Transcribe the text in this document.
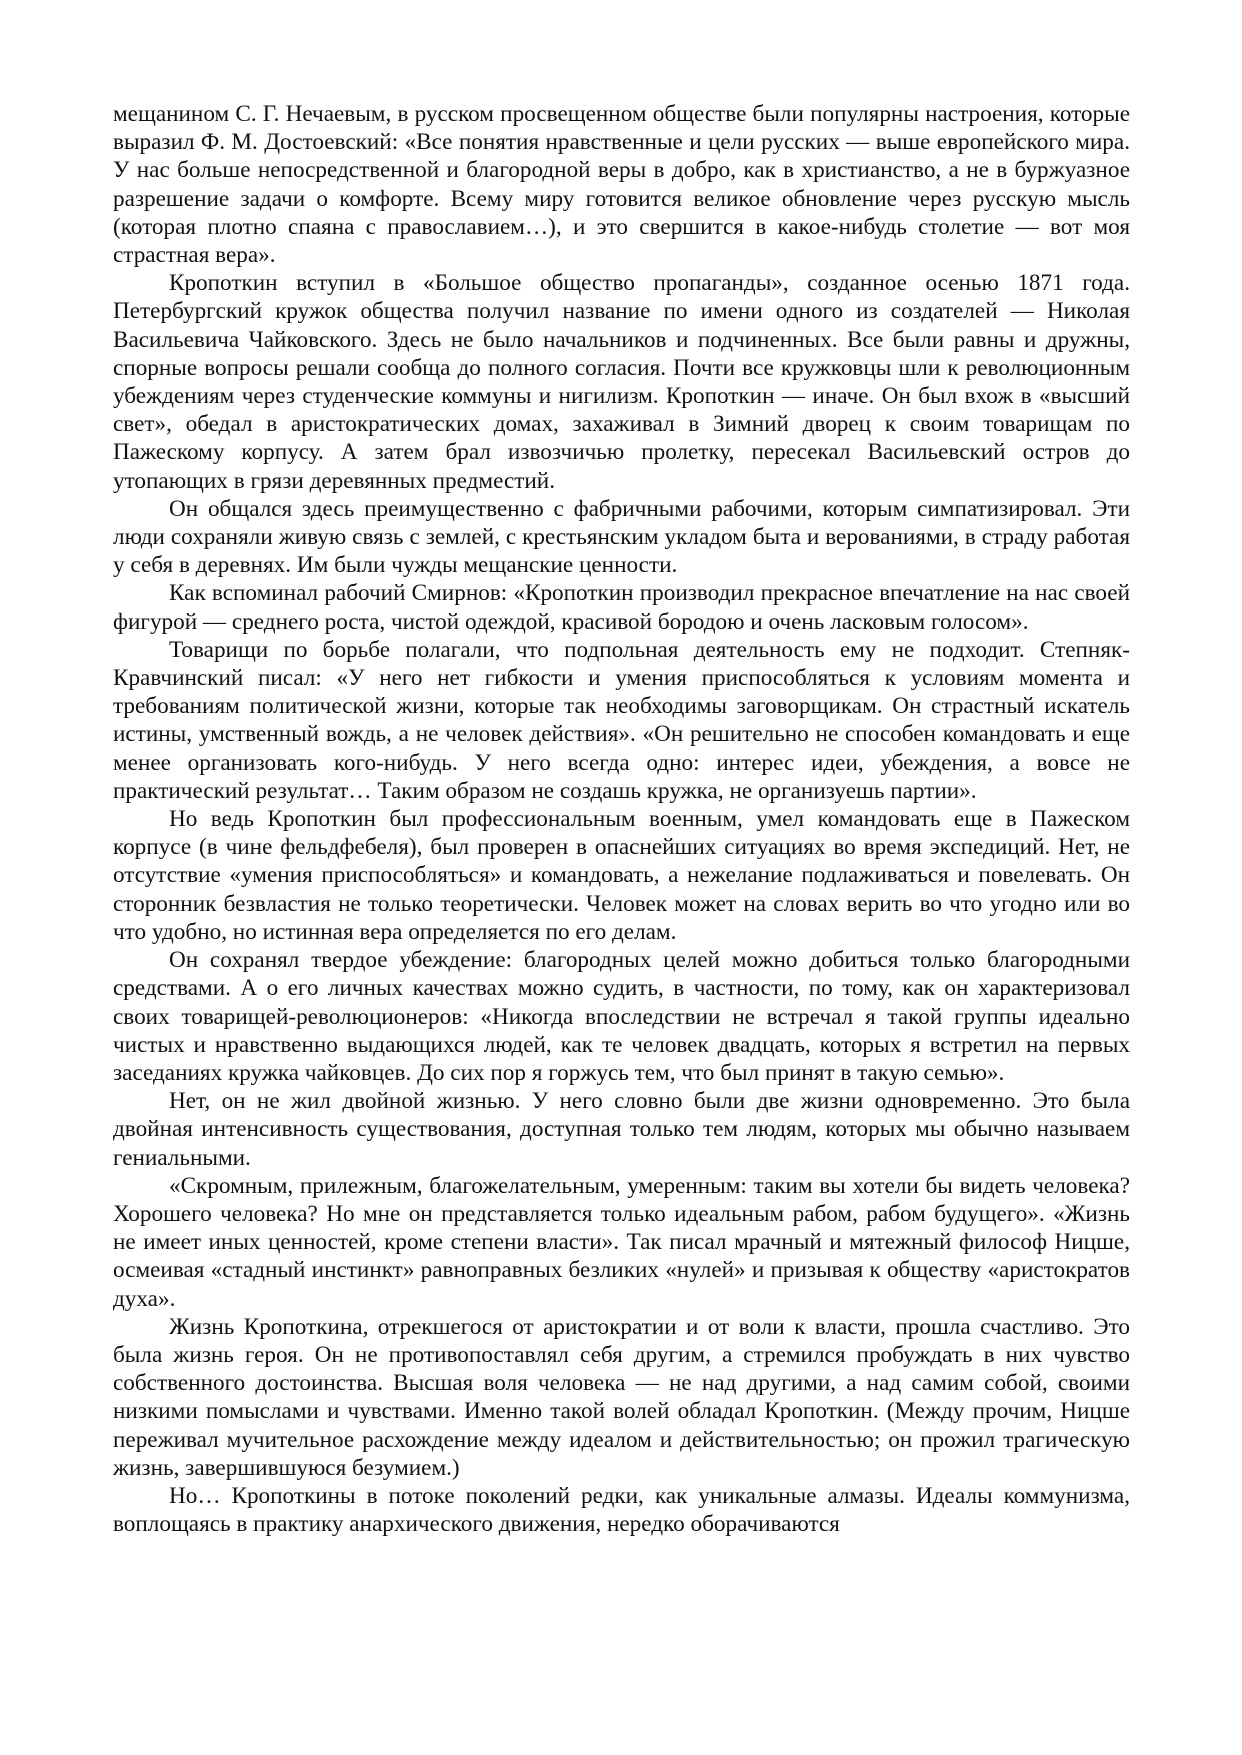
мещанином С. Г. Нечаевым, в русском просвещенном обществе были популярны настроения, которые выразил Ф. М. Достоевский: «Все понятия нравственные и цели русских — выше европейского мира. У нас больше непосредственной и благородной веры в добро, как в христианство, а не в буржуазное разрешение задачи о комфорте. Всему миру готовится великое обновление через русскую мысль (которая плотно спаяна с православием…), и это свершится в какое-нибудь столетие — вот моя страстная вера».

Кропоткин вступил в «Большое общество пропаганды», созданное осенью 1871 года. Петербургский кружок общества получил название по имени одного из создателей — Николая Васильевича Чайковского. Здесь не было начальников и подчиненных. Все были равны и дружны, спорные вопросы решали сообща до полного согласия. Почти все кружковцы шли к революционным убеждениям через студенческие коммуны и нигилизм. Кропоткин — иначе. Он был вхож в «высший свет», обедал в аристократических домах, захаживал в Зимний дворец к своим товарищам по Пажескому корпусу. А затем брал извозчичью пролетку, пересекал Васильевский остров до утопающих в грязи деревянных предместий.

Он общался здесь преимущественно с фабричными рабочими, которым симпатизировал. Эти люди сохраняли живую связь с землей, с крестьянским укладом быта и верованиями, в страду работая у себя в деревнях. Им были чужды мещанские ценности.

Как вспоминал рабочий Смирнов: «Кропоткин производил прекрасное впечатление на нас своей фигурой — среднего роста, чистой одеждой, красивой бородою и очень ласковым голосом».

Товарищи по борьбе полагали, что подпольная деятельность ему не подходит. Степняк-Кравчинский писал: «У него нет гибкости и умения приспособляться к условиям момента и требованиям политической жизни, которые так необходимы заговорщикам. Он страстный искатель истины, умственный вождь, а не человек действия». «Он решительно не способен командовать и еще менее организовать кого-нибудь. У него всегда одно: интерес идеи, убеждения, а вовсе не практический результат… Таким образом не создашь кружка, не организуешь партии».

Но ведь Кропоткин был профессиональным военным, умел командовать еще в Пажеском корпусе (в чине фельдфебеля), был проверен в опаснейших ситуациях во время экспедиций. Нет, не отсутствие «умения приспособляться» и командовать, а нежелание подлаживаться и повелевать. Он сторонник безвластия не только теоретически. Человек может на словах верить во что угодно или во что удобно, но истинная вера определяется по его делам.

Он сохранял твердое убеждение: благородных целей можно добиться только благородными средствами. А о его личных качествах можно судить, в частности, по тому, как он характеризовал своих товарищей-революционеров: «Никогда впоследствии не встречал я такой группы идеально чистых и нравственно выдающихся людей, как те человек двадцать, которых я встретил на первых заседаниях кружка чайковцев. До сих пор я горжусь тем, что был принят в такую семью».

Нет, он не жил двойной жизнью. У него словно были две жизни одновременно. Это была двойная интенсивность существования, доступная только тем людям, которых мы обычно называем гениальными.

«Скромным, прилежным, благожелательным, умеренным: таким вы хотели бы видеть человека? Хорошего человека? Но мне он представляется только идеальным рабом, рабом будущего». «Жизнь не имеет иных ценностей, кроме степени власти». Так писал мрачный и мятежный философ Ницше, осмеивая «стадный инстинкт» равноправных безликих «нулей» и призывая к обществу «аристократов духа».

Жизнь Кропоткина, отрекшегося от аристократии и от воли к власти, прошла счастливо. Это была жизнь героя. Он не противопоставлял себя другим, а стремился пробуждать в них чувство собственного достоинства. Высшая воля человека — не над другими, а над самим собой, своими низкими помыслами и чувствами. Именно такой волей обладал Кропоткин. (Между прочим, Ницше переживал мучительное расхождение между идеалом и действительностью; он прожил трагическую жизнь, завершившуюся безумием.)

Но… Кропоткины в потоке поколений редки, как уникальные алмазы. Идеалы коммунизма, воплощаясь в практику анархического движения, нередко оборачиваются
